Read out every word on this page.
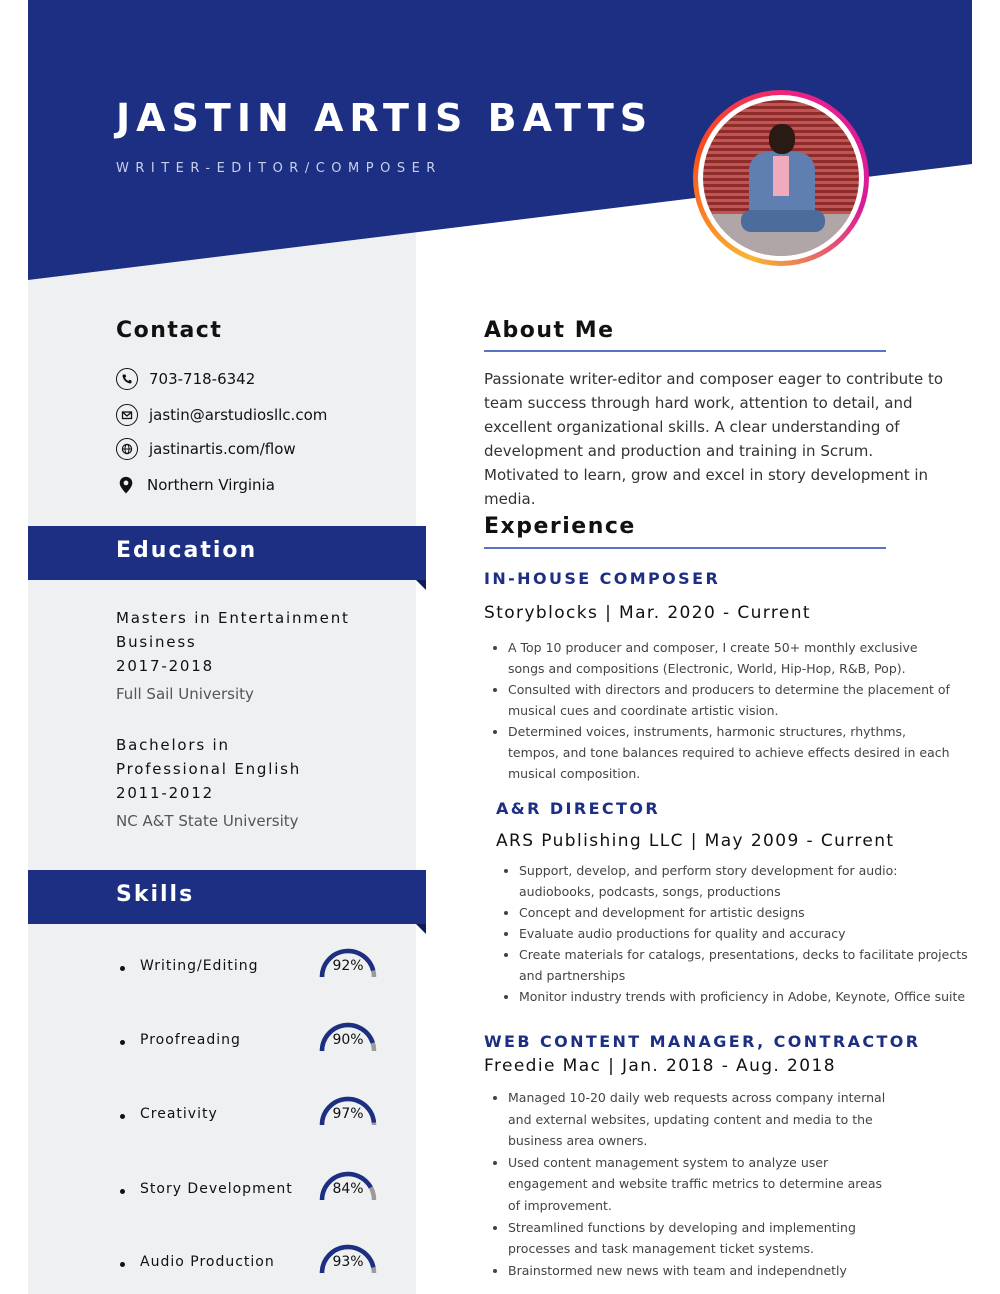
JASTIN ARTIS BATTS

WRITER-EDITOR/COMPOSER

Contact
703-718-6342
jastin@arstudiosllc.com
jastinartis.com/flow
Northern Virginia
Education

Masters in Entertainment

Business

2017-2018

Full Sail University

Bachelors in

Professional English

2011-2012

NC A&T State University

Skills
Writing/Editing	92%
Proofreading	90%
Creativity	97%
Story Development	84%
Audio Production	93%
About Me

Passionate writer-editor and composer eager to contribute to team success through hard work, attention to detail, and excellent organizational skills. A clear understanding of development and production and training in Scrum. Motivated to learn, grow and excel in story development in media.

Experience

IN-HOUSE COMPOSER

Storyblocks | Mar. 2020 - Current

• A Top 10 producer and composer, I create 50+ monthly exclusive songs and compositions (Electronic, World, Hip-Hop, R&B, Pop).
• Consulted with directors and producers to determine the placement of musical cues and coordinate artistic vision.
• Determined voices, instruments, harmonic structures, rhythms, tempos, and tone balances required to achieve effects desired in each musical composition.

A&R DIRECTOR

ARS Publishing LLC | May 2009 - Current

• Support, develop, and perform story development for audio: audiobooks, podcasts, songs, productions
• Concept and development for artistic designs
• Evaluate audio productions for quality and accuracy
• Create materials for catalogs, presentations, decks to facilitate projects and partnerships
• Monitor industry trends with proficiency in Adobe, Keynote, Office suite

WEB CONTENT MANAGER, CONTRACTOR

Freedie Mac | Jan. 2018 - Aug. 2018

• Managed 10-20 daily web requests across company internal and external websites, updating content and media to the business area owners.
• Used content management system to analyze user engagement and website traffic metrics to determine areas of improvement.
• Streamlined functions by developing and implementing processes and task management ticket systems.
• Brainstormed new news with team and independnetly
